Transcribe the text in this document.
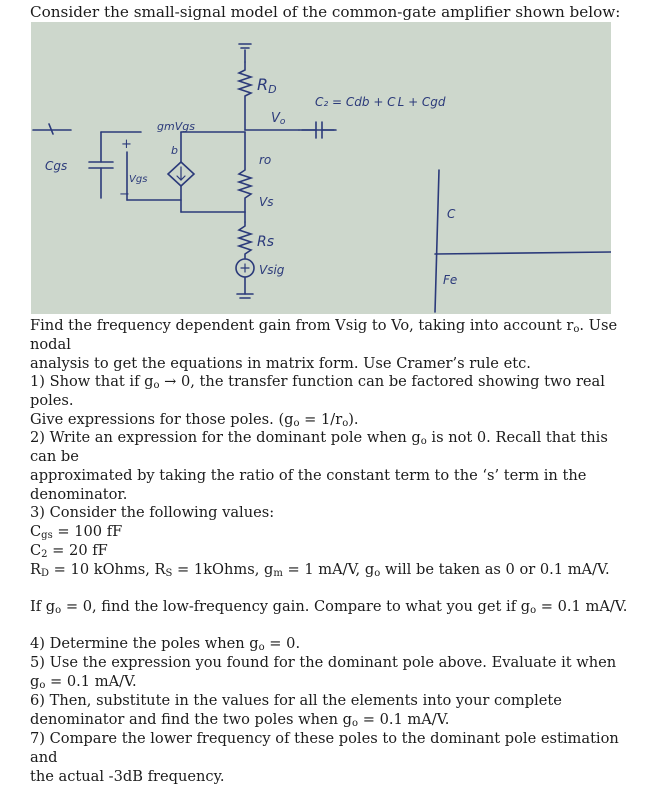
Consider the small-signal model of the common-gate amplifier shown below:
RD
Vo
C₂ = Cdb + C L + Cgd
gmVgs
b
Cgs
+
Vgs
−
ro
Vs
Rs
Vsig
C
Fe

Find the frequency dependent gain from Vsig to Vo, taking into account $r_o$. Use nodal

analysis to get the equations in matrix form. Use Cramer’s rule etc.

1) Show that if $g_o \to 0$, the transfer function can be factored showing two real poles.

Give expressions for those poles. $(g_o = 1/r_o)$.

2) Write an expression for the dominant pole when $g_o$ is not 0. Recall that this can be

approximated by taking the ratio of the constant term to the ‘s’ term in the

denominator.

3) Consider the following values:

$C_{gs} = 100$ fF

$C_2 = 20$ fF

$R_D = 10$ kOhms, $R_S$ = 1kOhms, $g_m = 1$ mA/V, $g_o$ will be taken as 0 or 0.1 mA/V.

If $g_o = 0$, find the low-frequency gain. Compare to what you get if $g_o = 0.1$ mA/V.

4) Determine the poles when $g_o = 0$.

5) Use the expression you found for the dominant pole above. Evaluate it when

$g_o = 0.1$ mA/V.

6) Then, substitute in the values for all the elements into your complete

denominator and find the two poles when $g_o = 0.1$ mA/V.

7) Compare the lower frequency of these poles to the dominant pole estimation and

the actual -3dB frequency.
